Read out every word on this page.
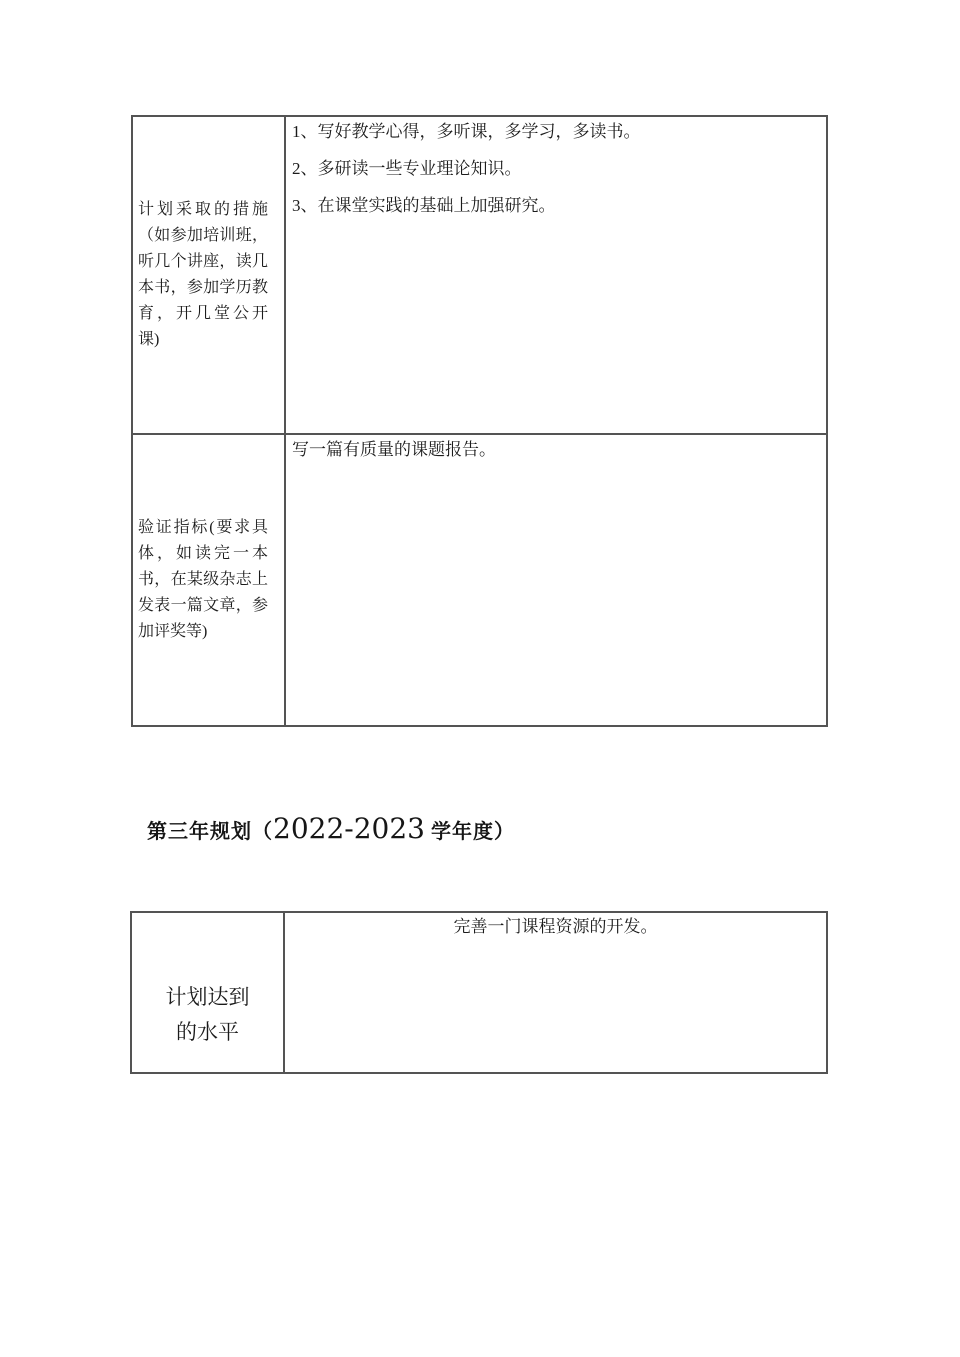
计划采取的措施（如参加培训班，听几个讲座，读几本书，参加学历教育，开几堂公开课)

1、写好教学心得，多听课，多学习，多读书。

2、多研读一些专业理论知识。

3、在课堂实践的基础上加强研究。

验证指标(要求具体，如读完一本书，在某级杂志上发表一篇文章，参加评奖等)

写一篇有质量的课题报告。

第三年规划（2022-2023 学年度）
计划达到
的水平

完善一门课程资源的开发。
